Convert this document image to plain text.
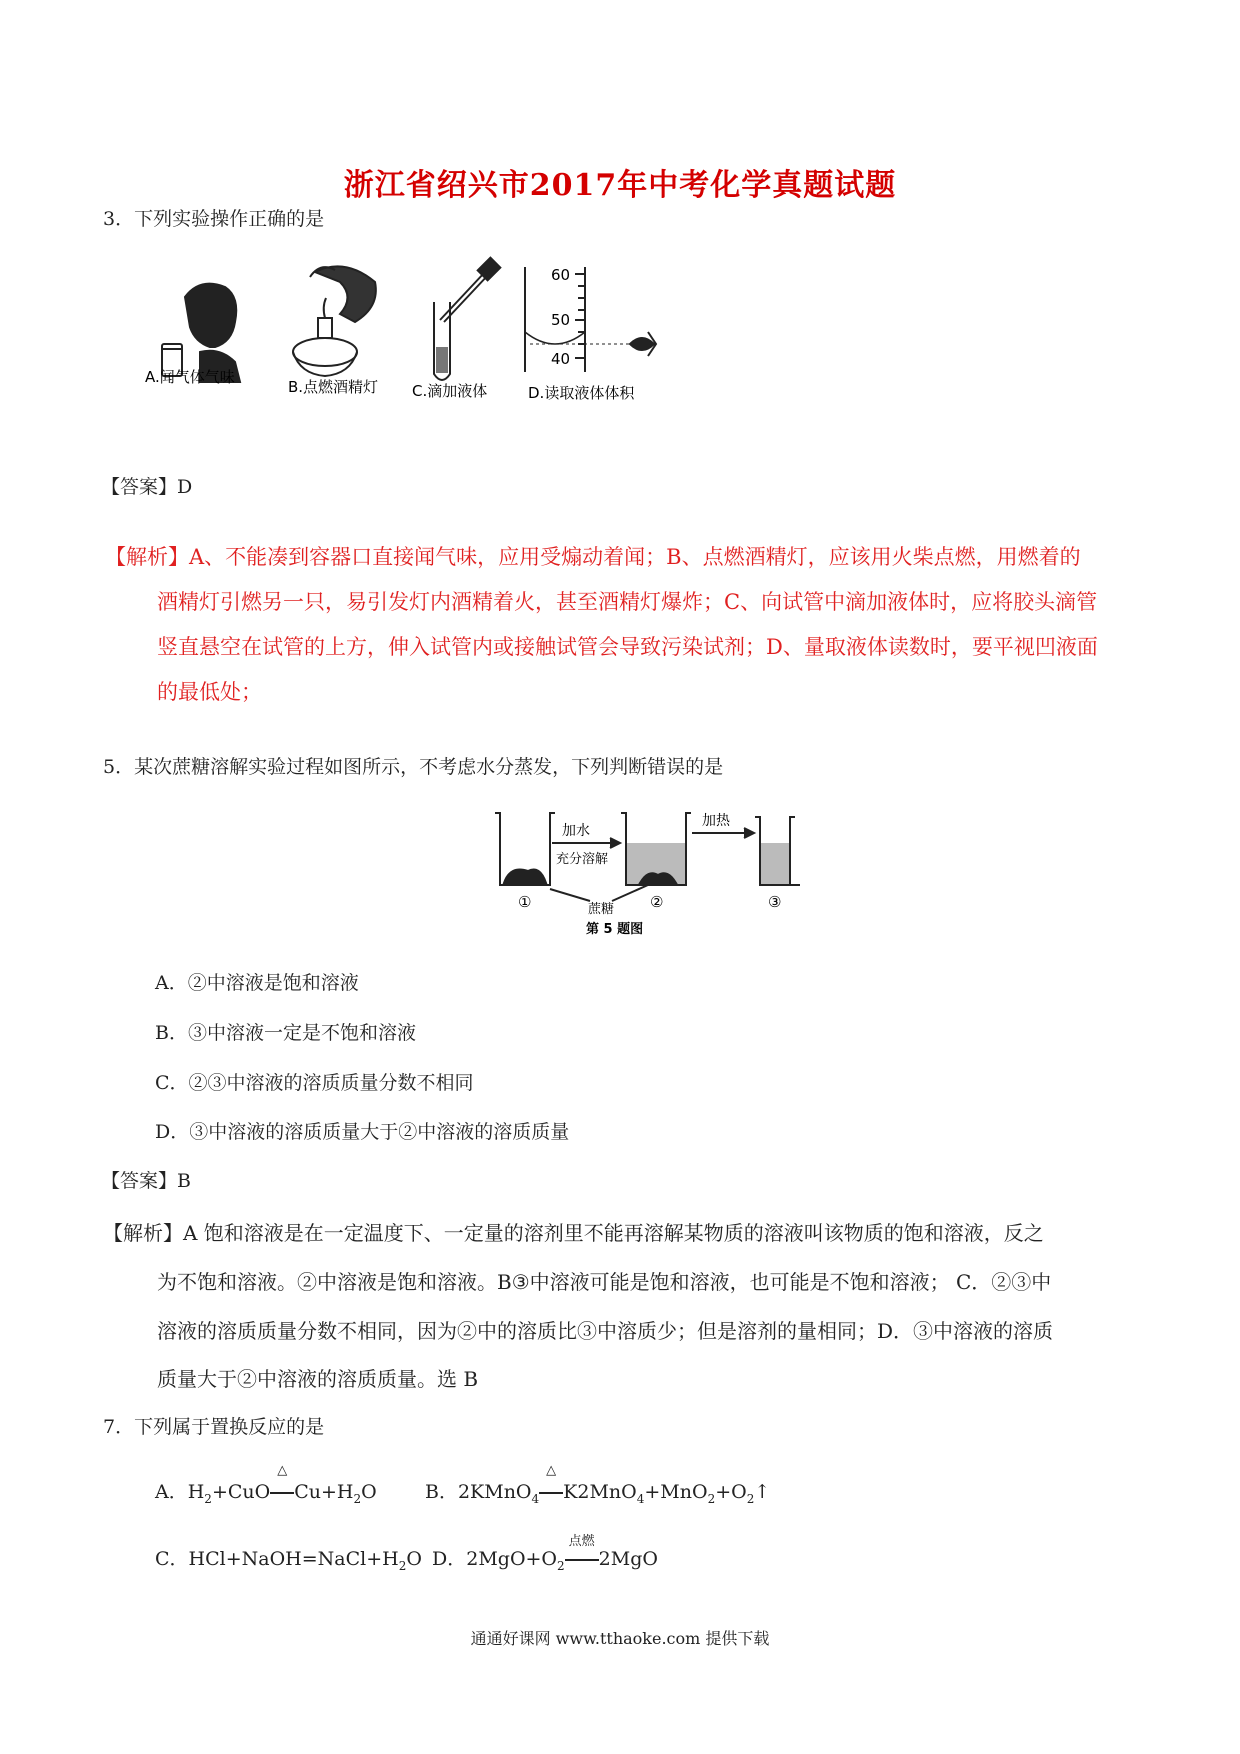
浙江省绍兴市2017年中考化学真题试题
3．下列实验操作正确的是
A.闻气体气味
B.点燃酒精灯 C.滴加液体
60
50
40
D.读取液体体积
【答案】D
【解析】A、不能凑到容器口直接闻气味，应用受煽动着闻；B、点燃酒精灯，应该用火柴点燃，用燃着的
酒精灯引燃另一只，易引发灯内酒精着火，甚至酒精灯爆炸；C、向试管中滴加液体时，应将胶头滴管
竖直悬空在试管的上方，伸入试管内或接触试管会导致污染试剂；D、量取液体读数时，要平视凹液面
的最低处；
5．某次蔗糖溶解实验过程如图所示，不考虑水分蒸发，下列判断错误的是
加水
充分溶解
加热
蔗糖
①	②	③
第 5 题图
A．②中溶液是饱和溶液
B．③中溶液一定是不饱和溶液
C．②③中溶液的溶质质量分数不相同
D．③中溶液的溶质质量大于②中溶液的溶质质量
【答案】B
【解析】A 饱和溶液是在一定温度下、一定量的溶剂里不能再溶解某物质的溶液叫该物质的饱和溶液，反之
为不饱和溶液。②中溶液是饱和溶液。B③中溶液可能是饱和溶液，也可能是不饱和溶液； C．②③中
溶液的溶质质量分数不相同，因为②中的溶质比③中溶质少；但是溶剂的量相同；D．③中溶液的溶质
质量大于②中溶液的溶质质量。选 B
7．下列属于置换反应的是
A．$H_2+CuO$
△
$Cu+H_2O$	B．2KMnO$_4$
△
$K2MnO_4+MnO_2+O_2↑$
C．$HCl+NaOH=NaCl+H_2O$ D．$2MgO+O_2$
点燃
2MgO
通通好课网 www.tthaoke.com 提供下载
